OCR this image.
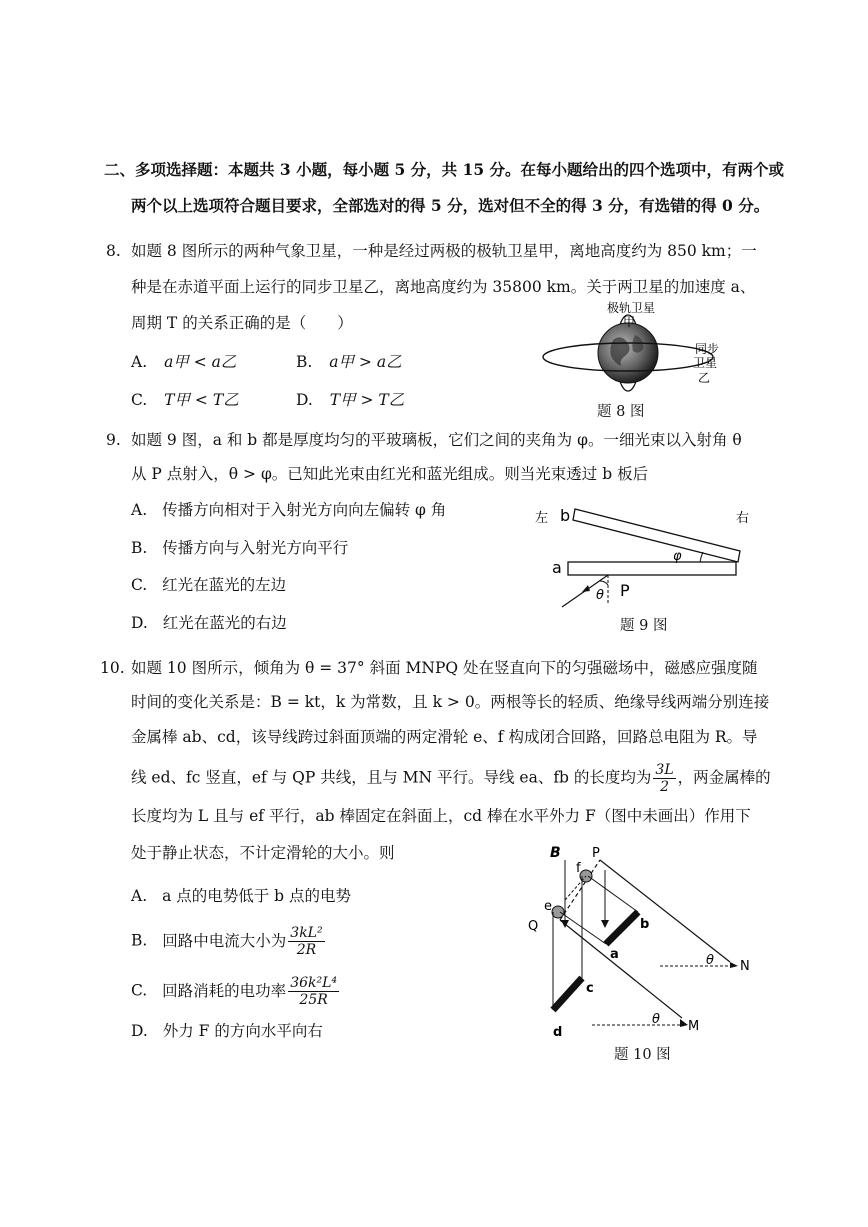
二、多项选择题：本题共 3 小题，每小题 5 分，共 15 分。在每小题给出的四个选项中，有两个或
两个以上选项符合题目要求，全部选对的得 5 分，选对但不全的得 3 分，有选错的得 0 分。
8. 如题 8 图所示的两种气象卫星，一种是经过两极的极轨卫星甲，离地高度约为 850 km；一
种是在赤道平面上运行的同步卫星乙，离地高度约为 35800 km。关于两卫星的加速度 a、
周期 T 的关系正确的是（　　）
A. a甲 < a乙	B. a甲 > a乙
C. T甲 < T乙	D. T甲 > T乙
极轨卫星
甲
同步
卫星
乙
题 8 图
9. 如题 9 图，a 和 b 都是厚度均匀的平玻璃板，它们之间的夹角为 φ。一细光束以入射角 θ
从 P 点射入，θ > φ。已知此光束由红光和蓝光组成。则当光束透过 b 板后
A. 传播方向相对于入射光方向向左偏转 φ 角
B. 传播方向与入射光方向平行
C. 红光在蓝光的左边
D. 红光在蓝光的右边
φ
θ P
左 b
a
右
题 9 图
10. 如题 10 图所示，倾角为 θ = 37° 斜面 MNPQ 处在竖直向下的匀强磁场中，磁感应强度随
时间的变化关系是：B = kt，k 为常数，且 k > 0。两根等长的轻质、绝缘导线两端分别连接
金属棒 ab、cd，该导线跨过斜面顶端的两定滑轮 e、f 构成闭合回路，回路总电阻为 R。导
线 ed、fc 竖直，ef 与 QP 共线，且与 MN 平行。导线 ea、fb 的长度均为 $\frac{3L}{2}$ ，两金属棒的
长度均为 L 且与 ef 平行，ab 棒固定在斜面上，cd 棒在水平外力 F（图中未画出）作用下
处于静止状态，不计定滑轮的大小。则
A. a 点的电势低于 b 点的电势
B. 回路中电流大小为 $\frac{\text{3kL²}}{2R}$
C. 回路消耗的电功率 $\frac{\text{36k²L⁴}}{25R}$
D. 外力 F 的方向水平向右
B P
f
e
Q	b
a
c
d
θ N
θ M
题 10 图
